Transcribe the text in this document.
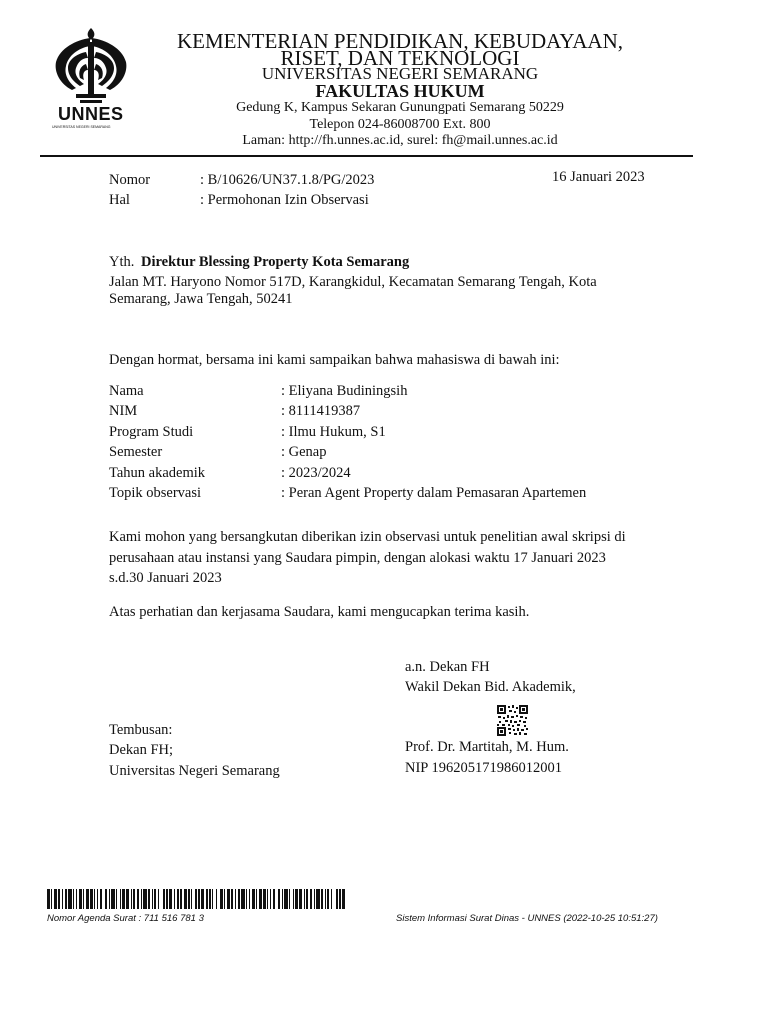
UNNES
UNIVERSITAS NEGERI SEMARANG
KEMENTERIAN PENDIDIKAN, KEBUDAYAAN,
RISET, DAN TEKNOLOGI
UNIVERSITAS NEGERI SEMARANG
FAKULTAS HUKUM
Gedung K, Kampus Sekaran Gunungpati Semarang 50229
Telepon 024-86008700 Ext. 800
Laman: http://fh.unnes.ac.id, surel: fh@mail.unnes.ac.id
16 Januari 2023
Nomor	: B/10626/UN37.1.8/PG/2023
Hal	: Permohonan Izin Observasi
Yth. Direktur Blessing Property Kota Semarang
Jalan MT. Haryono Nomor 517D, Karangkidul, Kecamatan Semarang Tengah, Kota
Semarang, Jawa Tengah, 50241
Dengan hormat, bersama ini kami sampaikan bahwa mahasiswa di bawah ini:
Nama	: Eliyana Budiningsih
NIM	: 8111419387
Program Studi	: Ilmu Hukum, S1
Semester	: Genap
Tahun akademik	: 2023/2024
Topik observasi	: Peran Agent Property dalam Pemasaran Apartemen
Kami mohon yang bersangkutan diberikan izin observasi untuk penelitian awal skripsi di
perusahaan atau instansi yang Saudara pimpin, dengan alokasi waktu 17 Januari 2023
s.d.30 Januari 2023
Atas perhatian dan kerjasama Saudara, kami mengucapkan terima kasih.
a.n. Dekan FH
Wakil Dekan Bid. Akademik,
Prof. Dr. Martitah, M. Hum.
NIP 196205171986012001
Tembusan:
Dekan FH;
Universitas Negeri Semarang
Nomor Agenda Surat : 711 516 781 3	Sistem Informasi Surat Dinas - UNNES (2022-10-25 10:51:27)
